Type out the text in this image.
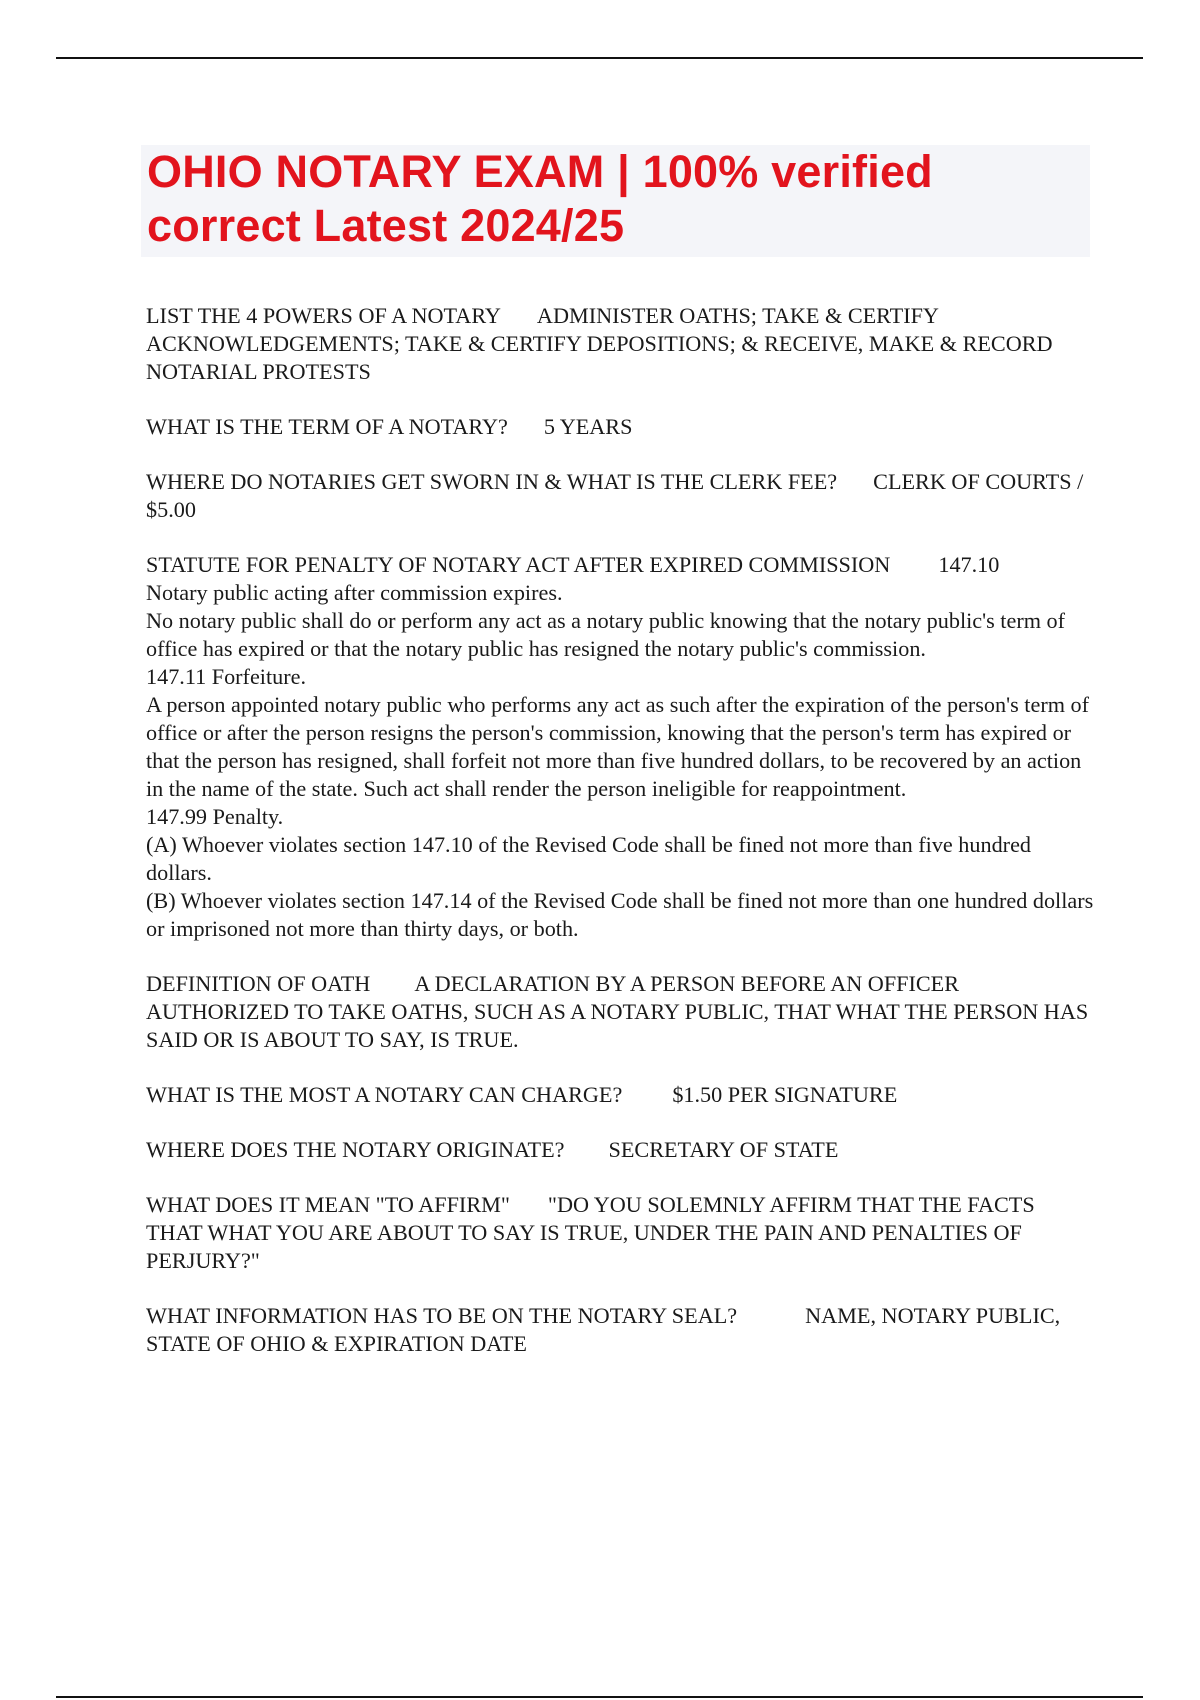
OHIO NOTARY EXAM | 100% verified
correct Latest 2024/25

LIST THE 4 POWERS OF A NOTARY ADMINISTER OATHS; TAKE & CERTIFY ACKNOWLEDGEMENTS; TAKE & CERTIFY DEPOSITIONS; & RECEIVE, MAKE & RECORD NOTARIAL PROTESTS

WHAT IS THE TERM OF A NOTARY? 5 YEARS

WHERE DO NOTARIES GET SWORN IN & WHAT IS THE CLERK FEE? CLERK OF COURTS / $5.00

STATUTE FOR PENALTY OF NOTARY ACT AFTER EXPIRED COMMISSION 147.10

Notary public acting after commission expires.

No notary public shall do or perform any act as a notary public knowing that the notary public's term of office has expired or that the notary public has resigned the notary public's commission.

147.11 Forfeiture.

A person appointed notary public who performs any act as such after the expiration of the person's term of office or after the person resigns the person's commission, knowing that the person's term has expired or that the person has resigned, shall forfeit not more than five hundred dollars, to be recovered by an action in the name of the state. Such act shall render the person ineligible for reappointment.

147.99 Penalty.

(A) Whoever violates section 147.10 of the Revised Code shall be fined not more than five hundred dollars.

(B) Whoever violates section 147.14 of the Revised Code shall be fined not more than one hundred dollars or imprisoned not more than thirty days, or both.

DEFINITION OF OATH A DECLARATION BY A PERSON BEFORE AN OFFICER AUTHORIZED TO TAKE OATHS, SUCH AS A NOTARY PUBLIC, THAT WHAT THE PERSON HAS SAID OR IS ABOUT TO SAY, IS TRUE.

WHAT IS THE MOST A NOTARY CAN CHARGE? $1.50 PER SIGNATURE

WHERE DOES THE NOTARY ORIGINATE? SECRETARY OF STATE

WHAT DOES IT MEAN "TO AFFIRM" "DO YOU SOLEMNLY AFFIRM THAT THE FACTS THAT WHAT YOU ARE ABOUT TO SAY IS TRUE, UNDER THE PAIN AND PENALTIES OF PERJURY?"

WHAT INFORMATION HAS TO BE ON THE NOTARY SEAL?	NAME, NOTARY PUBLIC, STATE OF OHIO & EXPIRATION DATE
